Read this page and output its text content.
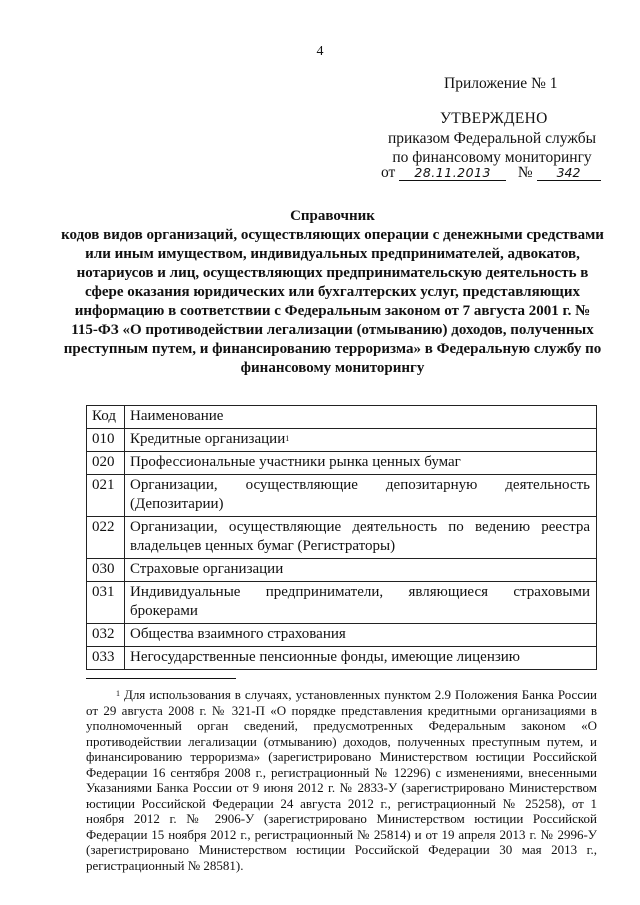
4
Приложение № 1
УТВЕРЖДЕНО
приказом Федеральной службы
по финансовому мониторингу
от 28.11.2013 № 342
Справочник
кодов видов организаций, осуществляющих операции с денежными средствами или иным имуществом, индивидуальных предпринимателей, адвокатов, нотариусов и лиц, осуществляющих предпринимательскую деятельность в сфере оказания юридических или бухгалтерских услуг, представляющих информацию в соответствии с Федеральным законом от 7 августа 2001 г. № 115-ФЗ «О противодействии легализации (отмыванию) доходов, полученных преступным путем, и финансированию терроризма» в Федеральную службу по финансовому мониторингу
Код	Наименование
010	Кредитные организации$^1$
020	Профессиональные участники рынка ценных бумаг
021	Организации, осуществляющие депозитарную деятельность (Депозитарии)
022	Организации, осуществляющие деятельность по ведению реестра владельцев ценных бумаг (Регистраторы)
030	Страховые организации
031	Индивидуальные предприниматели, являющиеся страховыми брокерами
032	Общества взаимного страхования
033	Негосударственные пенсионные фонды, имеющие лицензию
$^1$ Для использования в случаях, установленных пунктом 2.9 Положения Банка России от 29 августа 2008 г. № 321-П «О порядке представления кредитными организациями в уполномоченный орган сведений, предусмотренных Федеральным законом «О противодействии легализации (отмыванию) доходов, полученных преступным путем, и финансированию терроризма» (зарегистрировано Министерством юстиции Российской Федерации 16 сентября 2008 г., регистрационный № 12296) с изменениями, внесенными Указаниями Банка России от 9 июня 2012 г. № 2833-У (зарегистрировано Министерством юстиции Российской Федерации 24 августа 2012 г., регистрационный № 25258), от 1 ноября 2012 г. № 2906-У (зарегистрировано Министерством юстиции Российской Федерации 15 ноября 2012 г., регистрационный № 25814) и от 19 апреля 2013 г. № 2996-У (зарегистрировано Министерством юстиции Российской Федерации 30 мая 2013 г., регистрационный № 28581).
